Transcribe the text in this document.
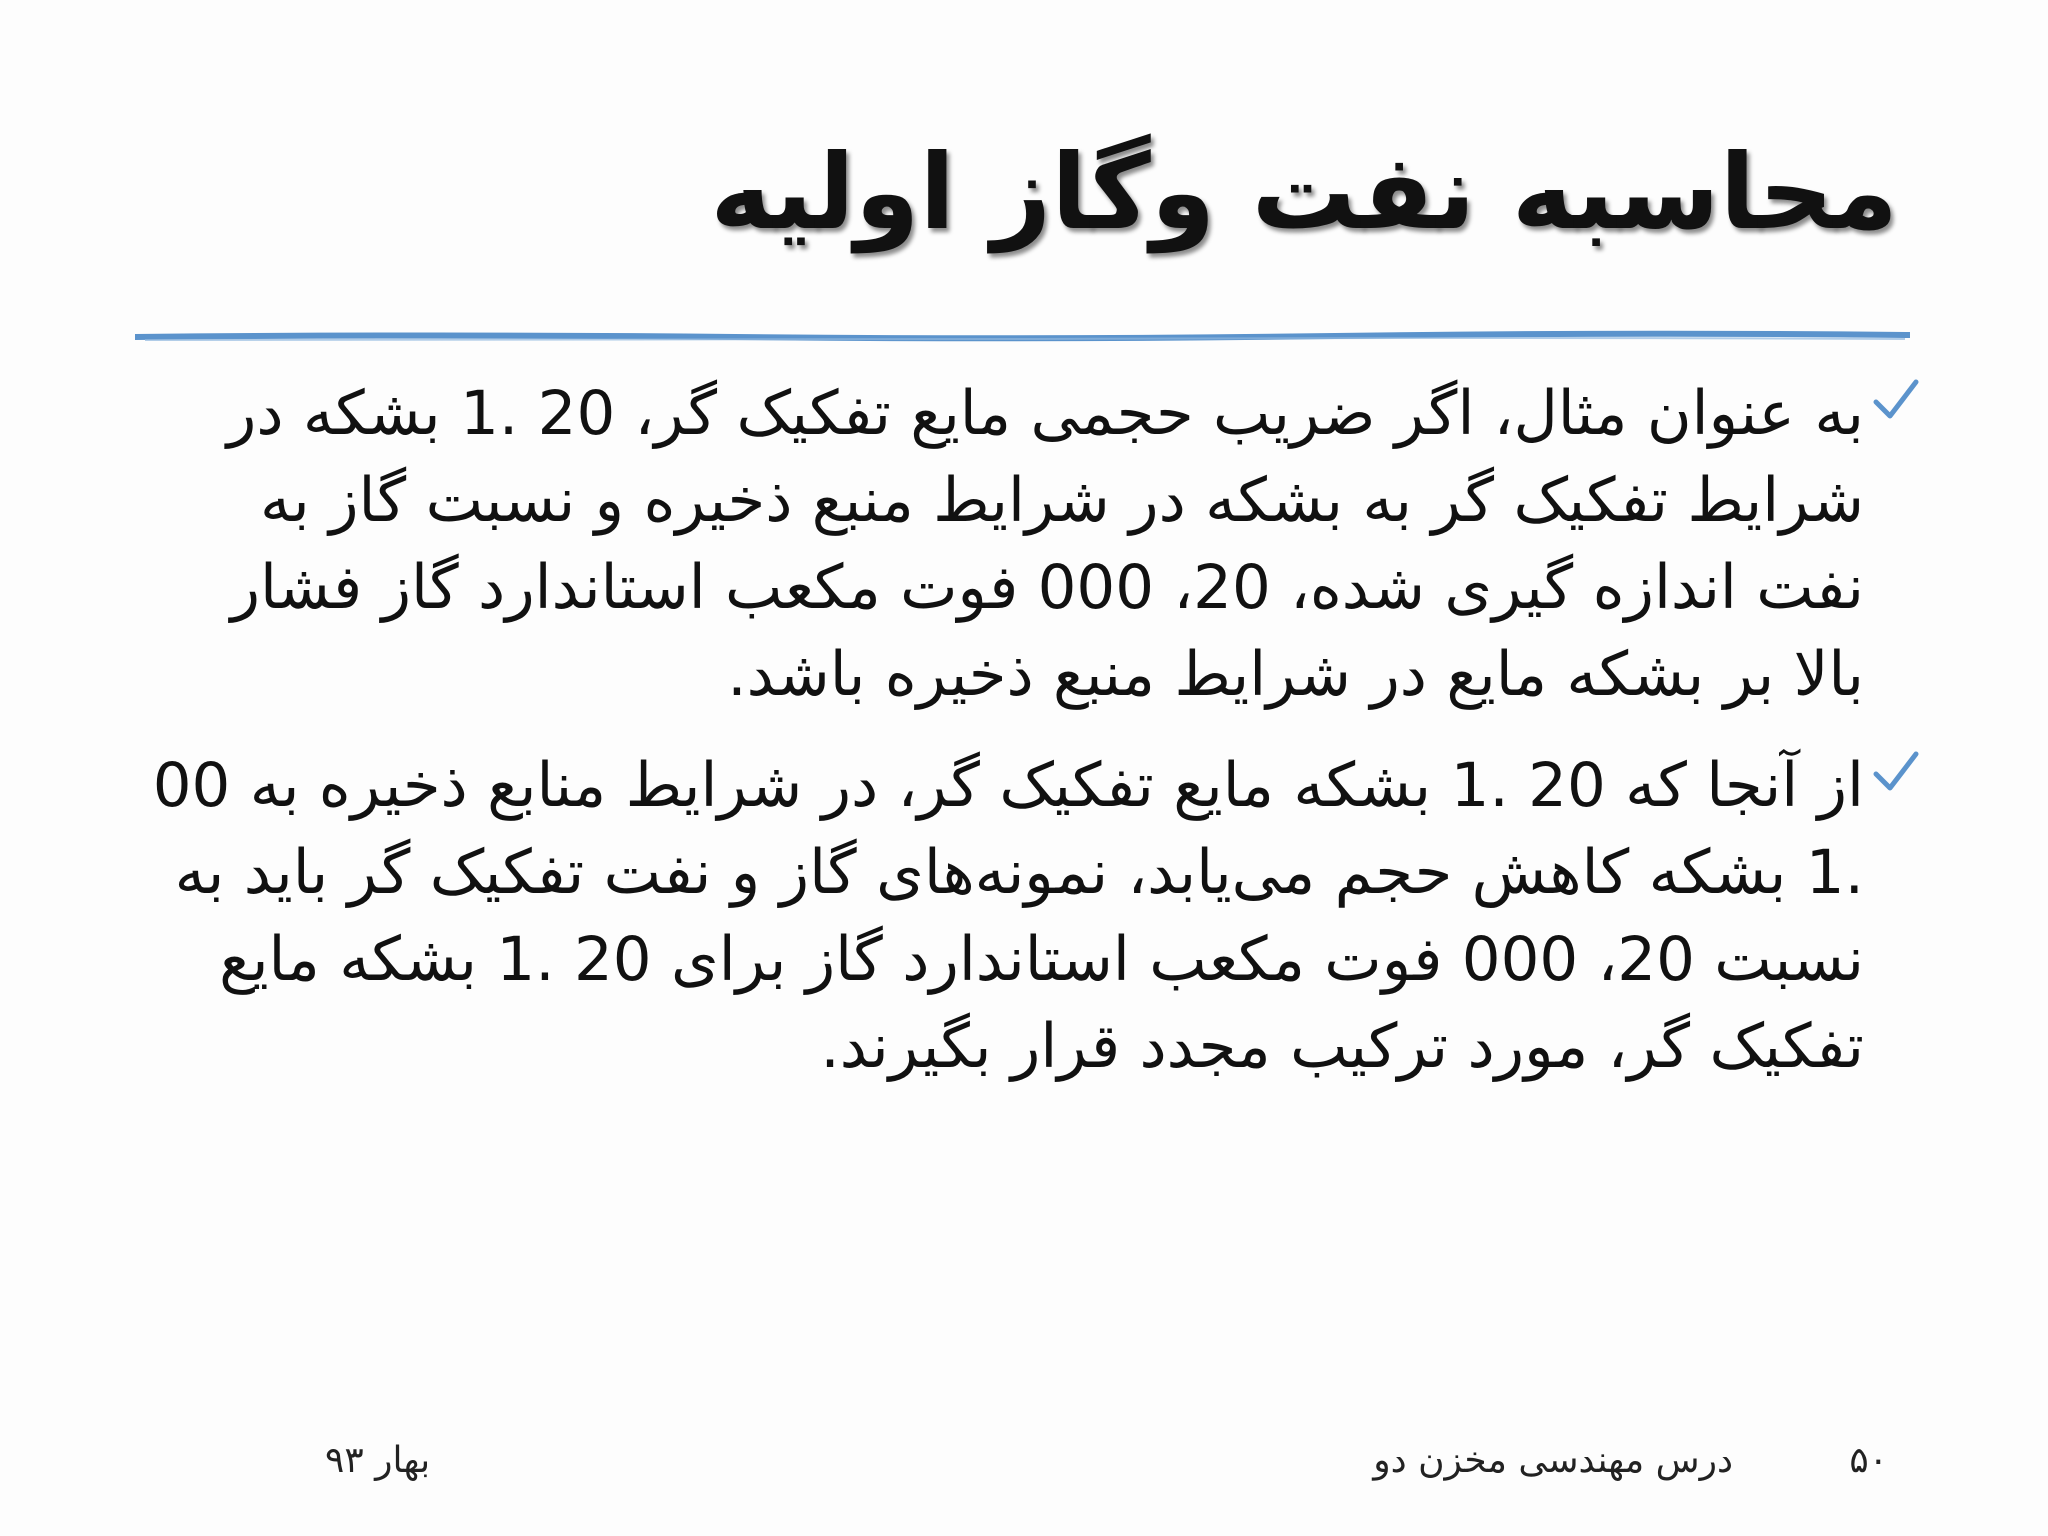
محاسبه نفت وگاز اولیه
به عنوان مثال، اگر ضریب حجمی مایع تفکیک گر، 20 .1 بشکه در شرایط تفکیک گر به بشکه در شرایط منبع ذخیره و نسبت گاز به نفت اندازه گیری شده، 20، 000 فوت مکعب استاندارد گاز فشار بالا بر بشکه مایع در شرایط منبع ذخیره باشد.
از آنجا که 20 .1 بشکه مایع تفکیک گر، در شرایط منابع ذخیره به 00 .1 بشکه کاهش حجم می‌یابد، نمونه‌های گاز و نفت تفکیک گر باید به نسبت 20، 000 فوت مکعب استاندارد گاز برای 20 .1 بشکه مایع تفکیک گر، مورد ترکیب مجدد قرار بگیرند.
۵۰
درس مهندسی مخزن دو
بهار ۹۳
